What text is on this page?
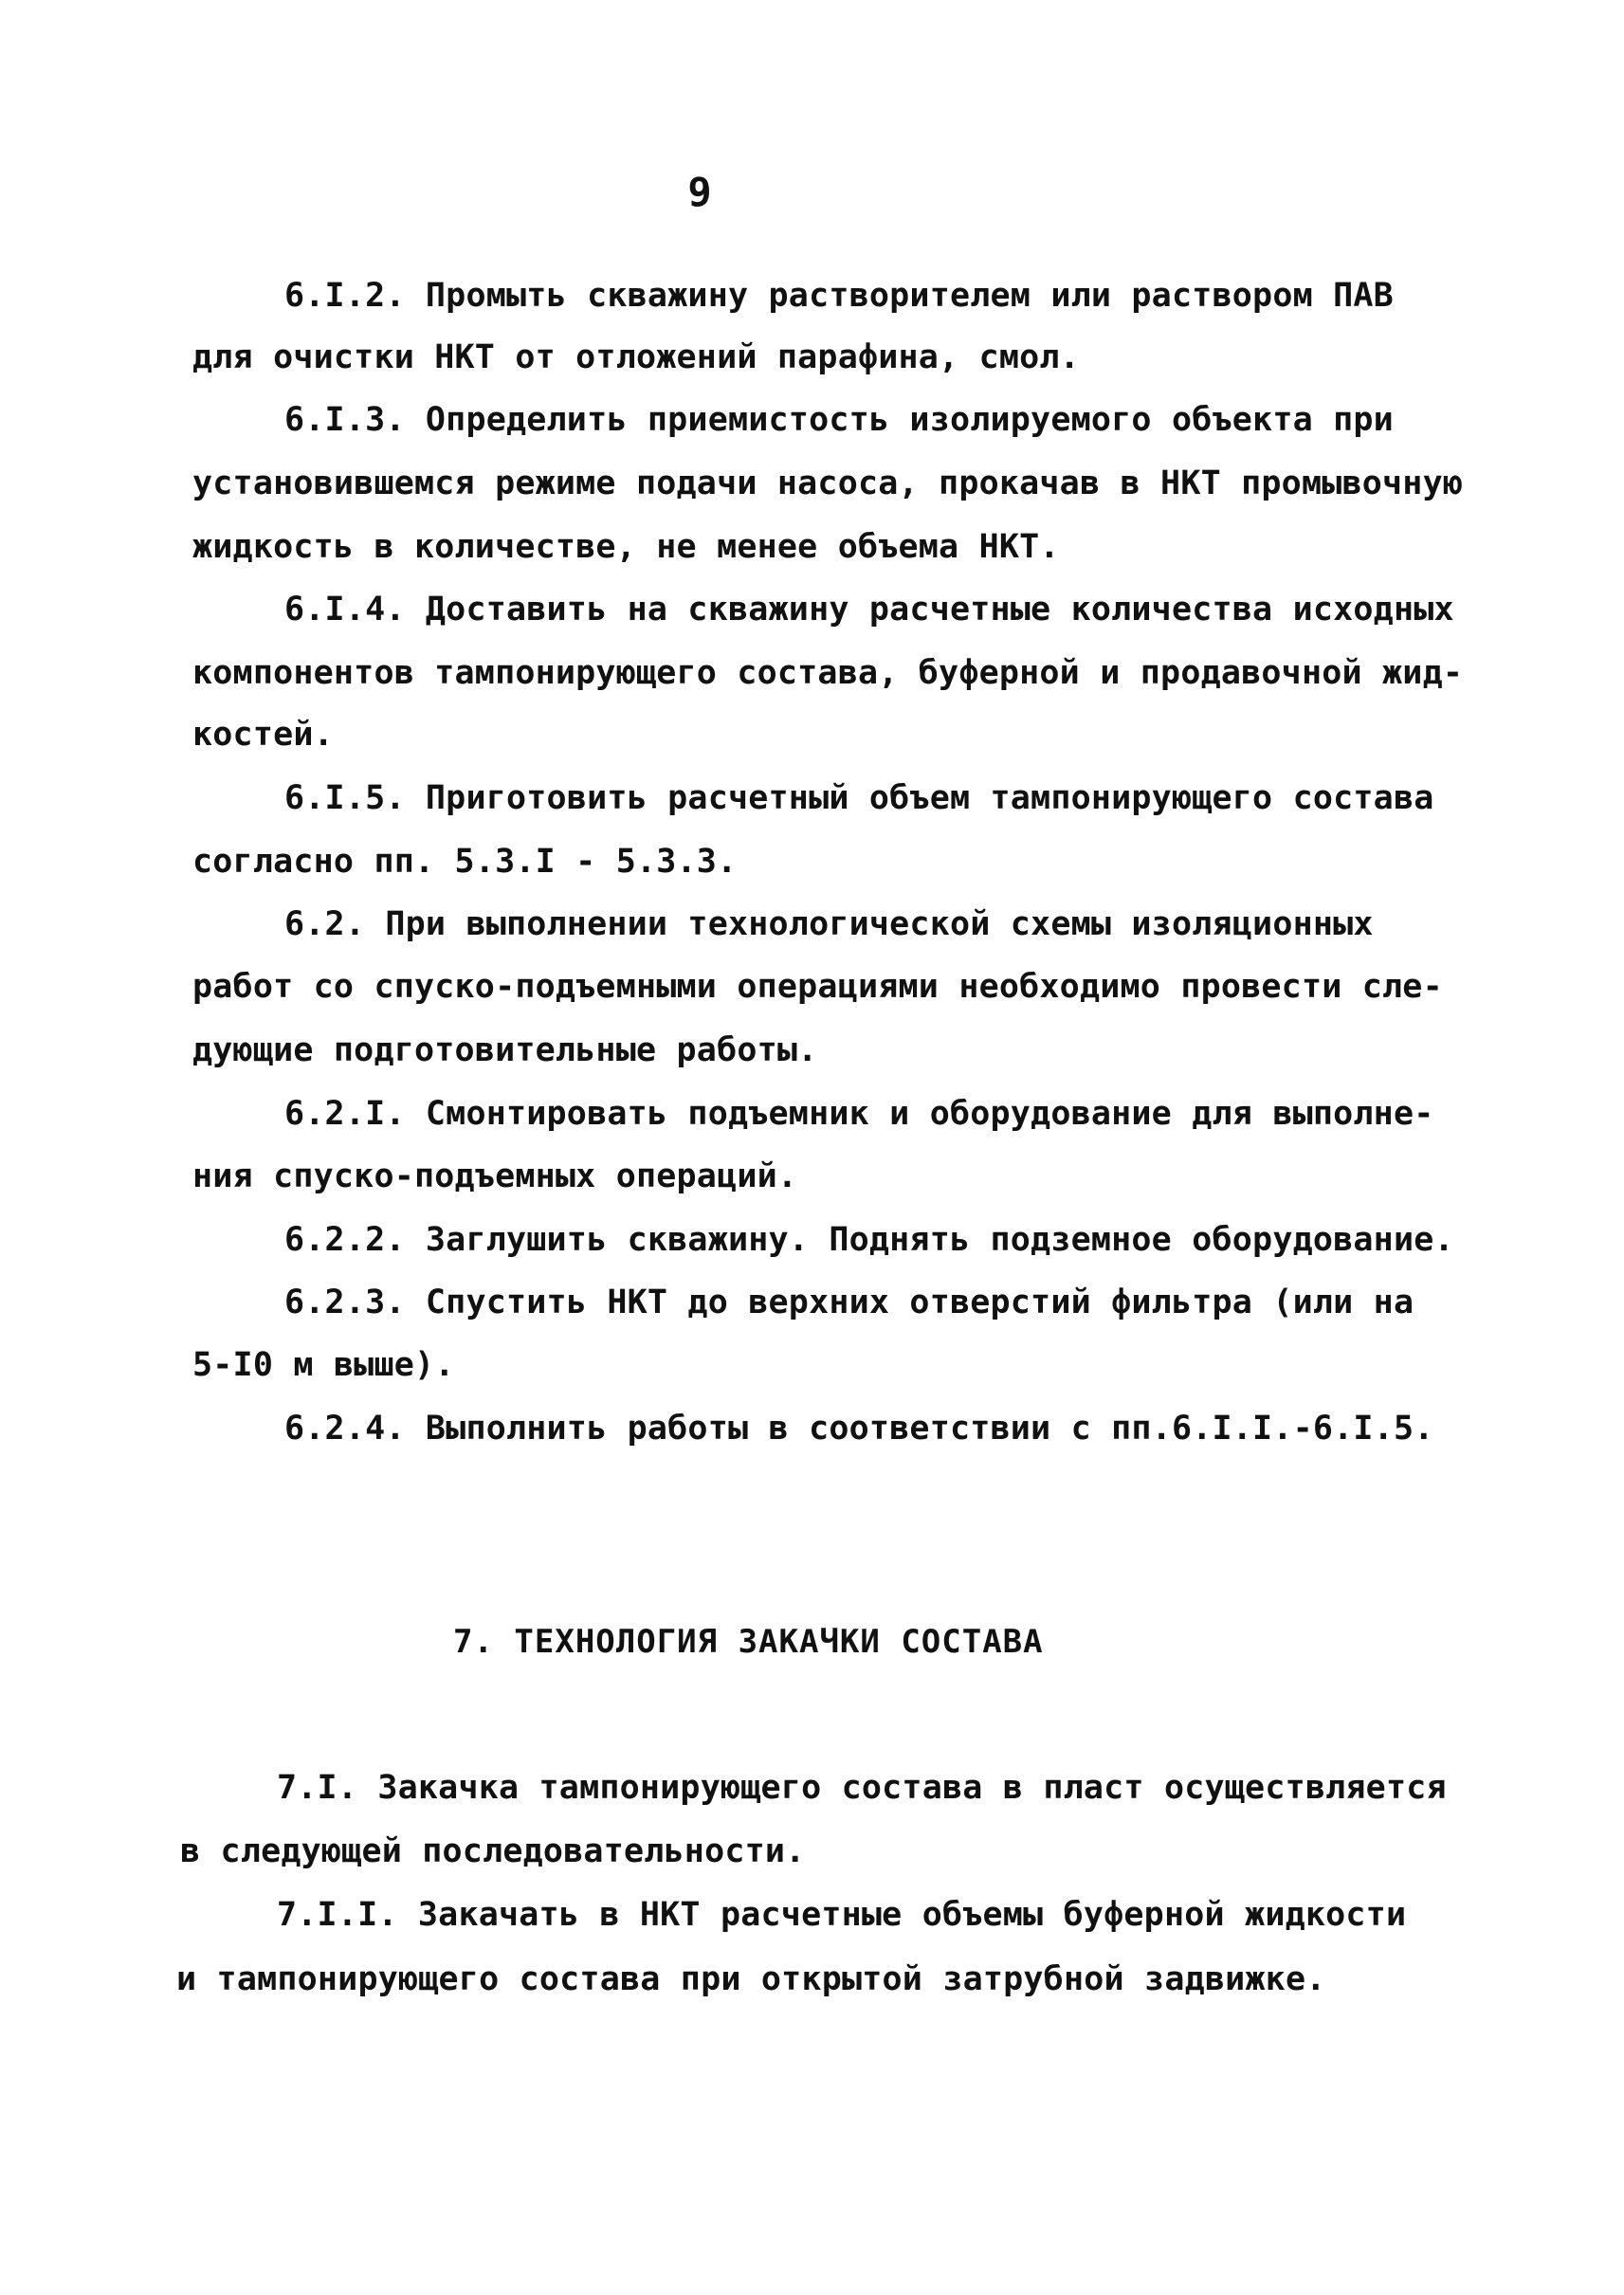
9
6.I.2. Промыть скважину растворителем или раствором ПАВ
для очистки НКТ от отложений парафина, смол.
6.I.3. Определить приемистость изолируемого объекта при
установившемся режиме подачи насоса, прокачав в НКТ промывочную
жидкость в количестве, не менее объема НКТ.
6.I.4. Доставить на скважину расчетные количества исходных
компонентов тампонирующего состава, буферной и продавочной жид-
костей.
6.I.5. Приготовить расчетный объем тампонирующего состава
согласно пп. 5.3.I - 5.3.3.
6.2. При выполнении технологической схемы изоляционных
работ со спуско-подъемными операциями необходимо провести сле-
дующие подготовительные работы.
6.2.I. Смонтировать подъемник и оборудование для выполне-
ния спуско-подъемных операций.
6.2.2. Заглушить скважину. Поднять подземное оборудование.
6.2.3. Спустить НКТ до верхних отверстий фильтра (или на
5-I0 м выше).
6.2.4. Выполнить работы в соответствии с пп.6.I.I.-6.I.5.
7. ТЕХНОЛОГИЯ ЗАКАЧКИ СОСТАВА
7.I. Закачка тампонирующего состава в пласт осуществляется
в следующей последовательности.
7.I.I. Закачать в НКТ расчетные объемы буферной жидкости
и тампонирующего состава при открытой затрубной задвижке.
